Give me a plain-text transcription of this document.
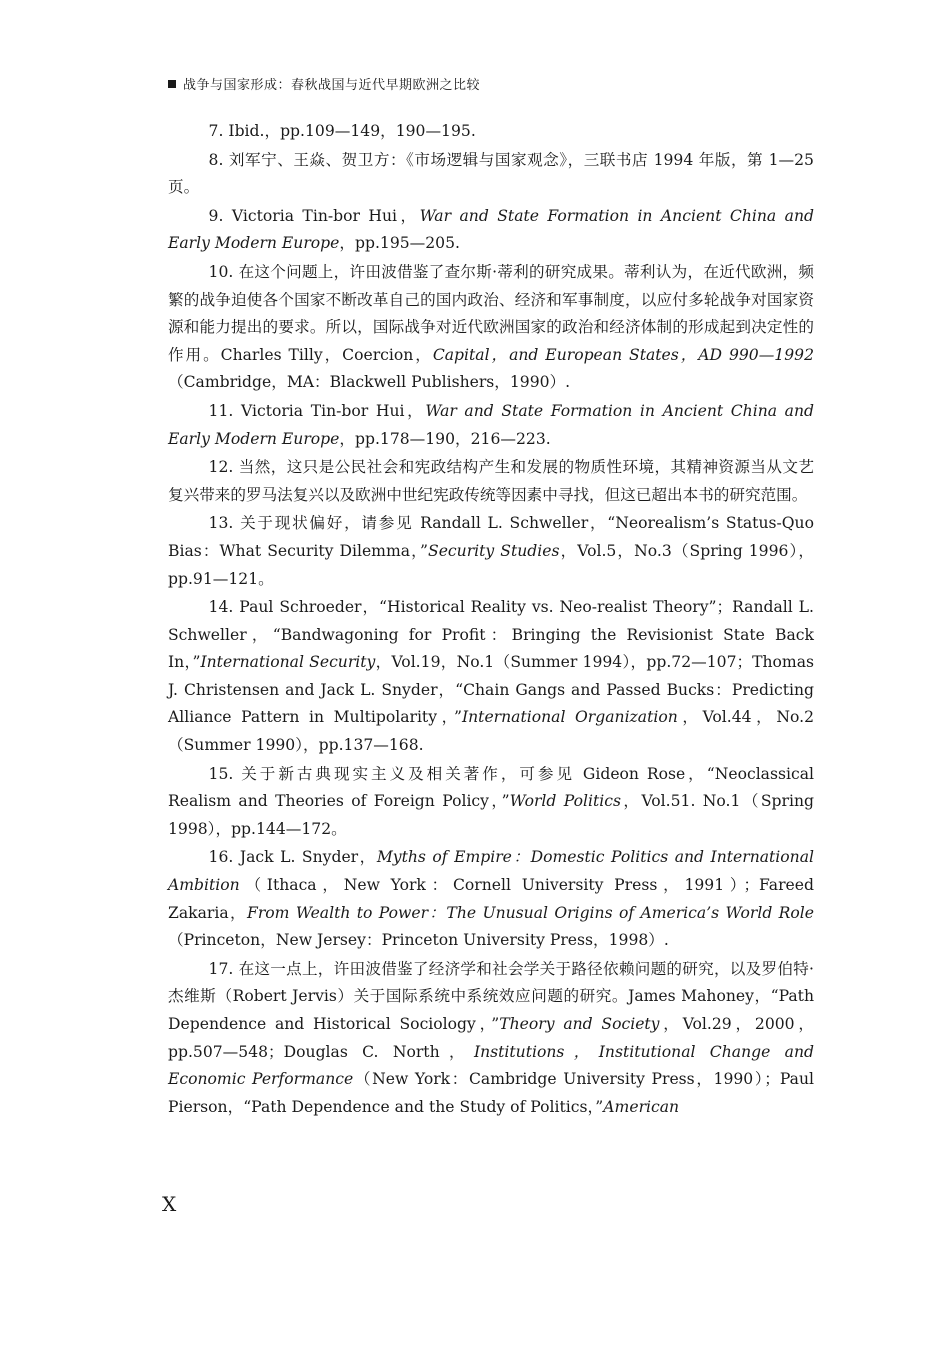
战争与国家形成：春秋战国与近代早期欧洲之比较

7. Ibid.，pp.109—149，190—195.

8. 刘军宁、王焱、贺卫方：《市场逻辑与国家观念》，三联书店 1994 年版，第 1—25 页。

9. Victoria Tin-bor Hui，War and State Formation in Ancient China and Early Modern Europe，pp.195—205.

10. 在这个问题上，许田波借鉴了查尔斯·蒂利的研究成果。蒂利认为，在近代欧洲，频繁的战争迫使各个国家不断改革自己的国内政治、经济和军事制度，以应付多轮战争对国家资源和能力提出的要求。所以，国际战争对近代欧洲国家的政治和经济体制的形成起到决定性的作用。Charles Tilly，Coercion，Capital，and European States，AD 990—1992（Cambridge，MA：Blackwell Publishers，1990）.

11. Victoria Tin-bor Hui，War and State Formation in Ancient China and Early Modern Europe，pp.178—190，216—223.

12. 当然，这只是公民社会和宪政结构产生和发展的物质性环境，其精神资源当从文艺复兴带来的罗马法复兴以及欧洲中世纪宪政传统等因素中寻找，但这已超出本书的研究范围。

13. 关于现状偏好，请参见 Randall L. Schweller，“Neorealism’s Status-Quo Bias：What Security Dilemma，”Security Studies，Vol.5，No.3（Spring 1996），pp.91—121。

14. Paul Schroeder，“Historical Reality vs. Neo-realist Theory”；Randall L. Schweller，“Bandwagoning for Profit：Bringing the Revisionist State Back In，”International Security，Vol.19，No.1（Summer 1994），pp.72—107；Thomas J. Christensen and Jack L. Snyder，“Chain Gangs and Passed Bucks：Predicting Alliance Pattern in Multipolarity，”International Organization，Vol.44，No.2（Summer 1990），pp.137—168.

15. 关于新古典现实主义及相关著作，可参见 Gideon Rose，“Neoclassical Realism and Theories of Foreign Policy，”World Politics，Vol.51. No.1（Spring 1998），pp.144—172。

16. Jack L. Snyder，Myths of Empire：Domestic Politics and International Ambition（Ithaca，New York：Cornell University Press，1991）；Fareed Zakaria，From Wealth to Power：The Unusual Origins of America’s World Role（Princeton，New Jersey：Princeton University Press，1998）.

17. 在这一点上，许田波借鉴了经济学和社会学关于路径依赖问题的研究，以及罗伯特·杰维斯（Robert Jervis）关于国际系统中系统效应问题的研究。James Mahoney，“Path Dependence and Historical Sociology，”Theory and Society，Vol.29，2000，pp.507—548；Douglas C. North，Institutions，Institutional Change and Economic Performance（New York：Cambridge University Press，1990）；Paul Pierson，“Path Dependence and the Study of Politics，”American

X
